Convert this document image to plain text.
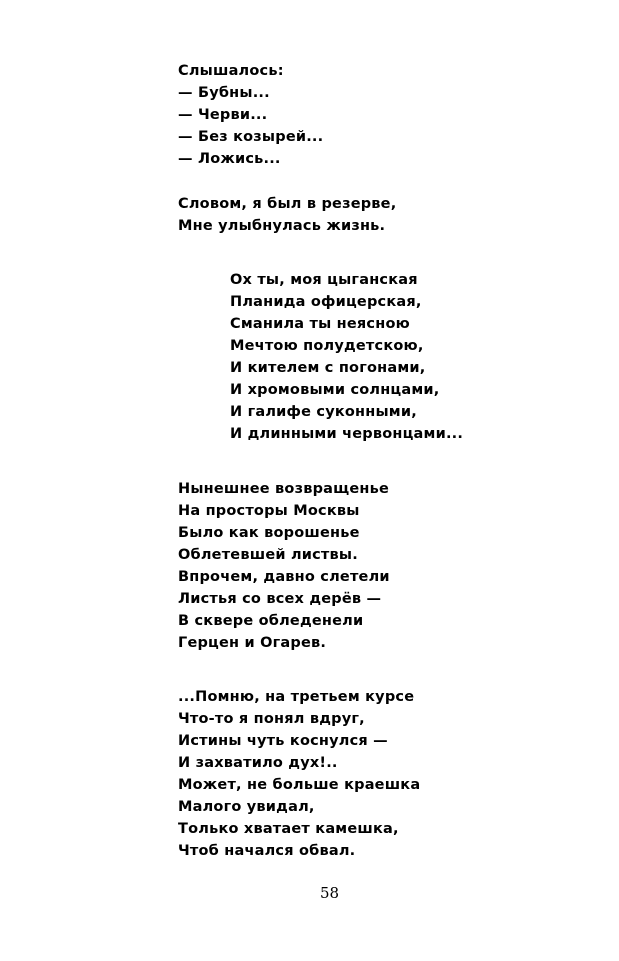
Слышалось:
— Бубны...
— Черви...
— Без козырей...
— Ложись...
Словом, я был в резерве,
Мне улыбнулась жизнь.
Ох ты, моя цыганская
Планида офицерская,
Сманила ты неясною
Мечтою полудетскою,
И кителем с погонами,
И хромовыми солнцами,
И галифе суконными,
И длинными червонцами...
Нынешнее возвращенье
На просторы Москвы
Было как ворошенье
Облетевшей листвы.
Впрочем, давно слетели
Листья со всех дерёв —
В сквере обледенели
Герцен и Огарев.
...Помню, на третьем курсе
Что-то я понял вдруг,
Истины чуть коснулся —
И захватило дух!..
Может, не больше краешка
Малого увидал,
Только хватает камешка,
Чтоб начался обвал.
58
